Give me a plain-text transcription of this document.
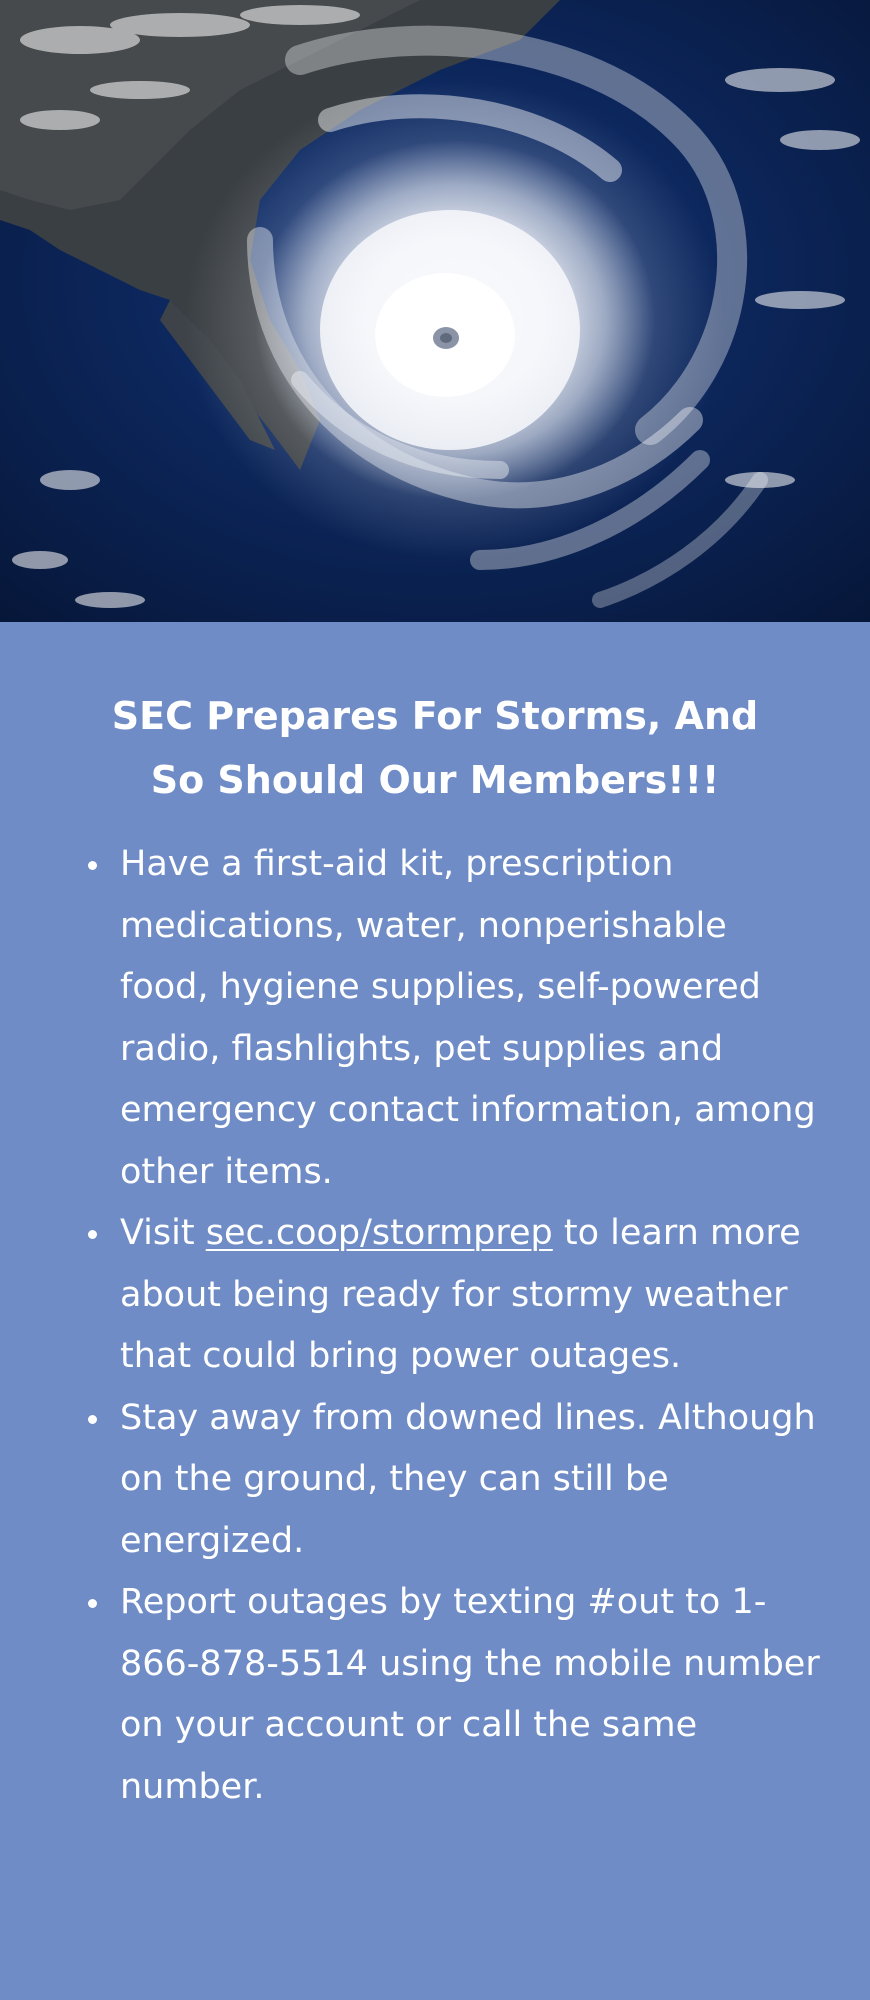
SEC Prepares For Storms, And
So Should Our Members!!!
Have a first-aid kit, prescription medications, water, nonperishable food, hygiene supplies, self-powered radio, flashlights, pet supplies and emergency contact information, among other items.
Visit sec.coop/stormprep to learn more about being ready for stormy weather that could bring power outages.
Stay away from downed lines. Although on the ground, they can still be energized.
Report outages by texting #out to 1-866-878-5514 using the mobile number on your account or call the same number.
